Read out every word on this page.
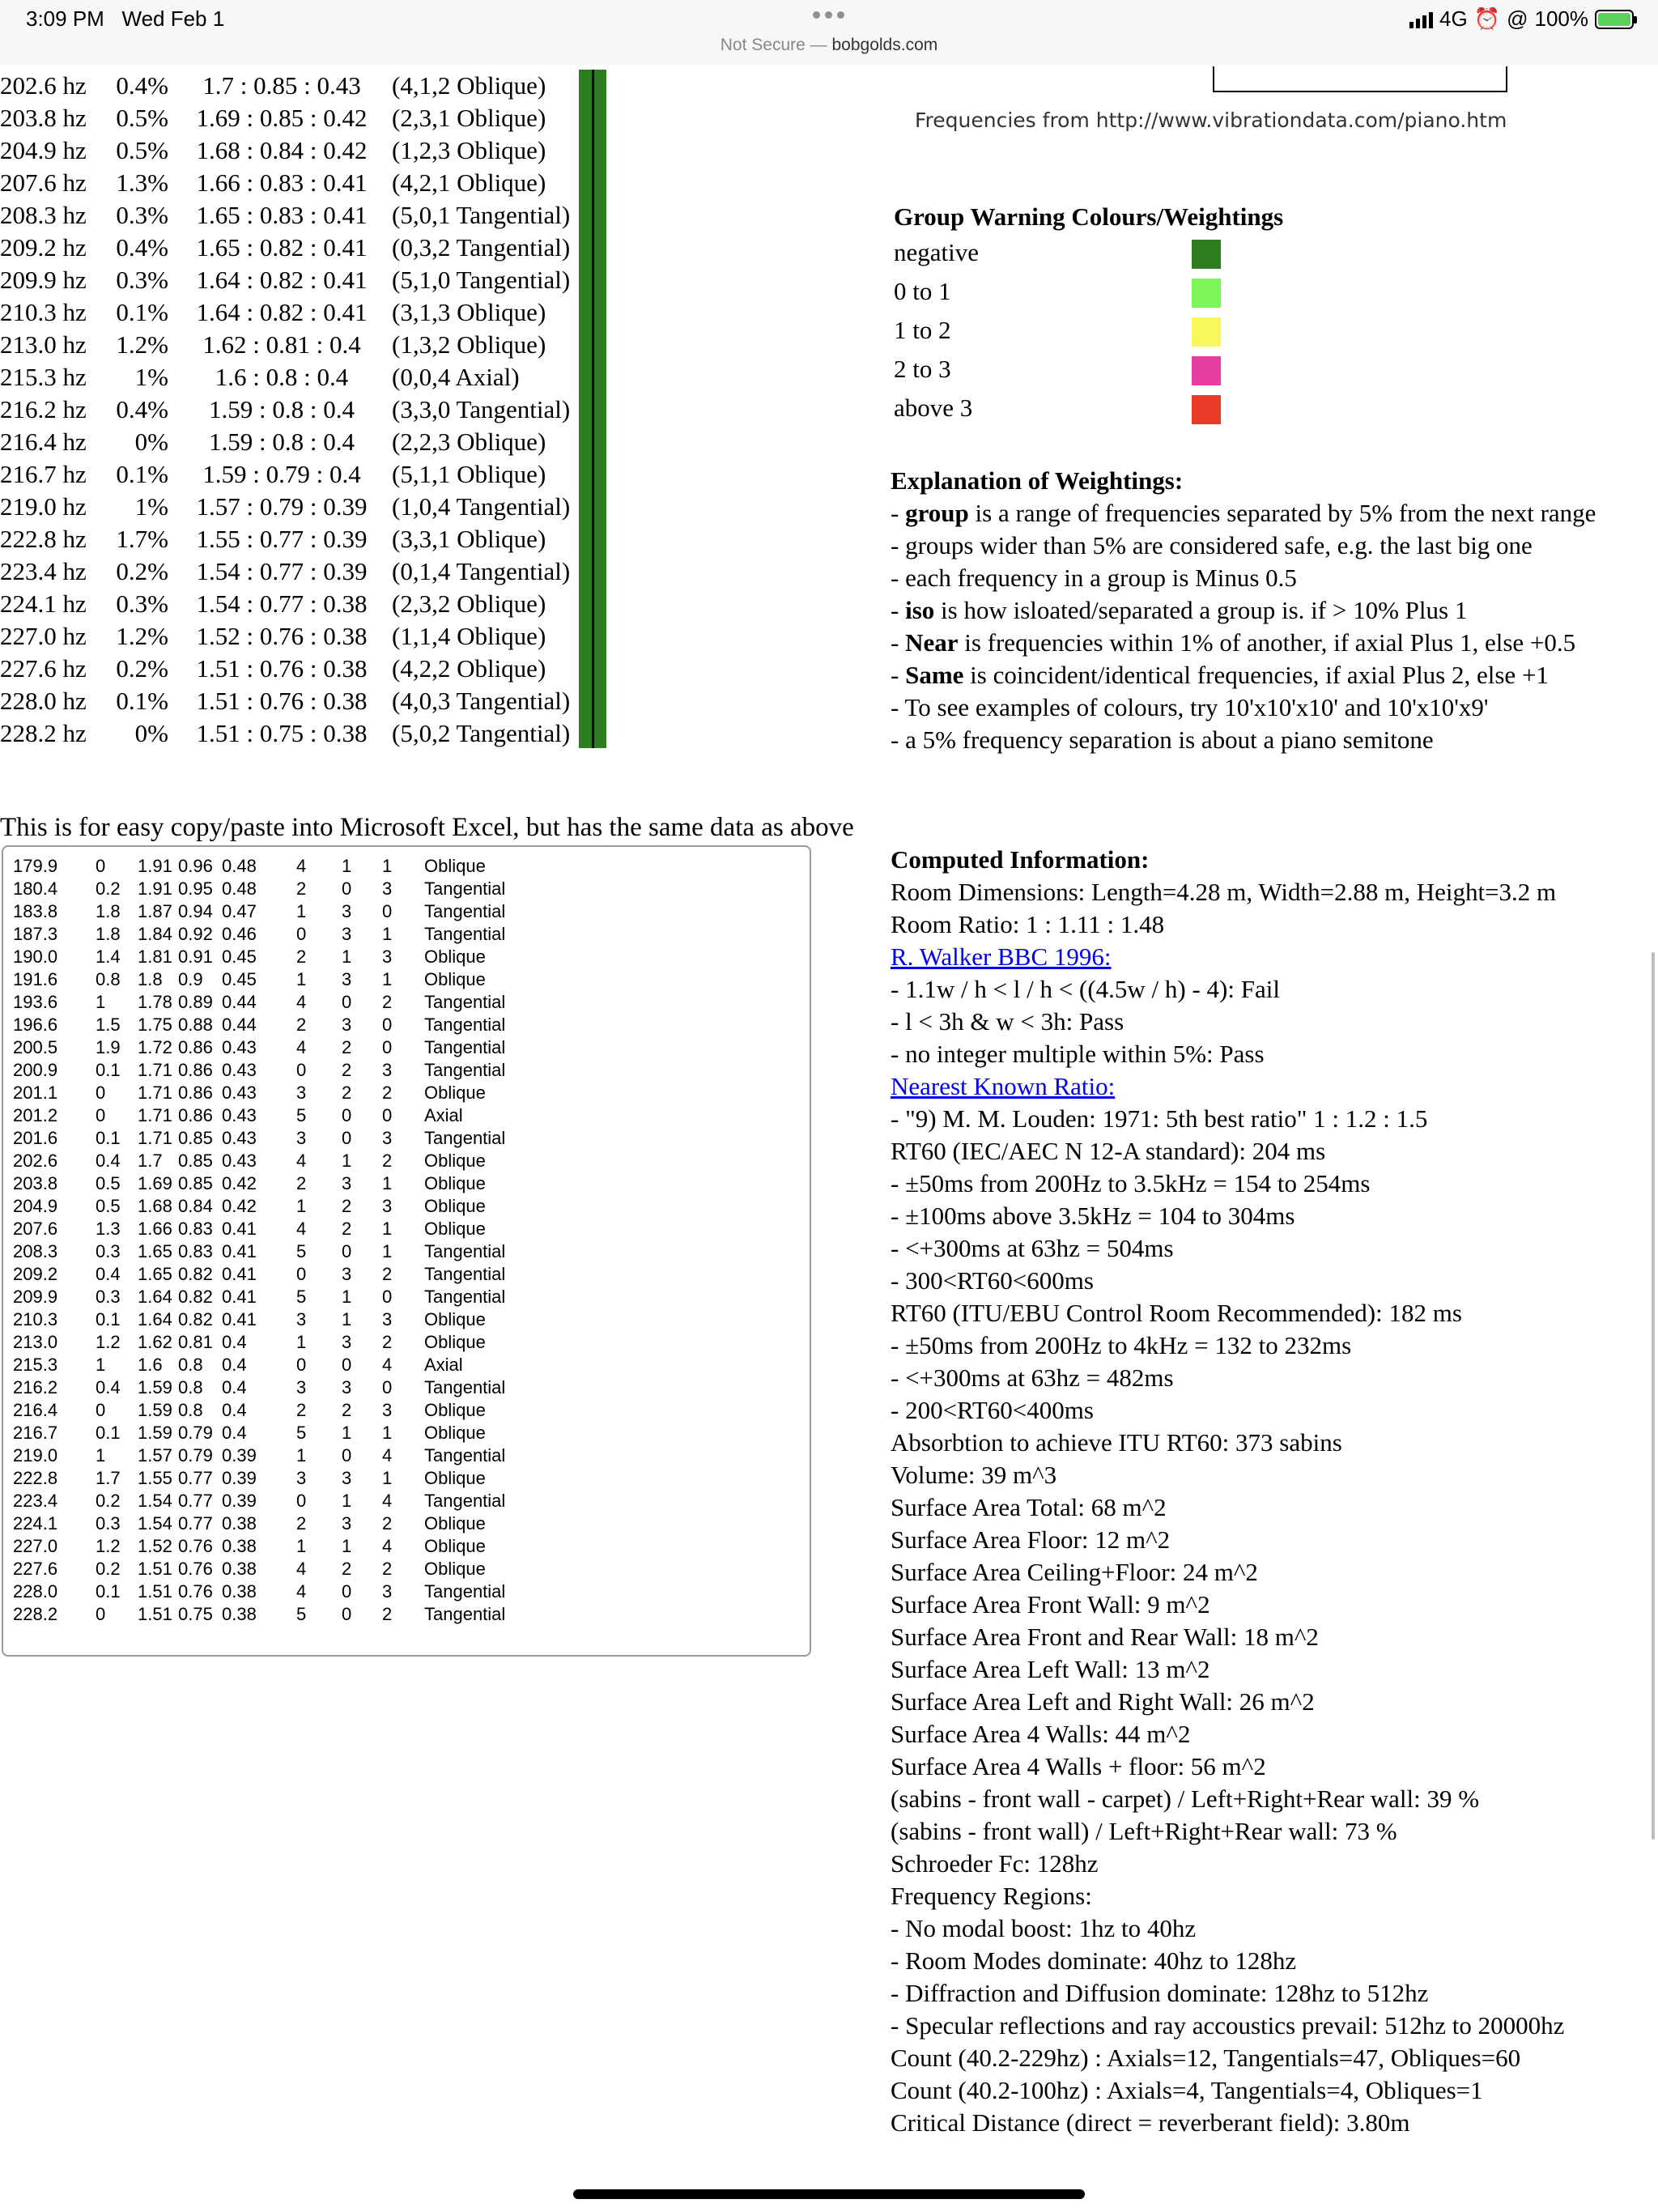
3:09 PM Wed Feb 1	4G ⏰ @ 100%
Not Secure — bobgolds.com
202.6 hz	0.4%	1.7 : 0.85 : 0.43	(4,1,2 Oblique)
203.8 hz	0.5% 1.69 : 0.85 : 0.42 (2,3,1 Oblique)
204.9 hz	0.5% 1.68 : 0.84 : 0.42 (1,2,3 Oblique)
207.6 hz	1.3% 1.66 : 0.83 : 0.41 (4,2,1 Oblique)
208.3 hz	0.3% 1.65 : 0.83 : 0.41 (5,0,1 Tangential)
209.2 hz	0.4% 1.65 : 0.82 : 0.41 (0,3,2 Tangential)
209.9 hz	0.3% 1.64 : 0.82 : 0.41 (5,1,0 Tangential)
210.3 hz	0.1% 1.64 : 0.82 : 0.41 (3,1,3 Oblique)
213.0 hz	1.2%	1.62 : 0.81 : 0.4	(1,3,2 Oblique)
215.3 hz	1%	1.6 : 0.8 : 0.4	(0,0,4 Axial)
216.2 hz	0.4%	1.59 : 0.8 : 0.4	(3,3,0 Tangential)
216.4 hz	0%	1.59 : 0.8 : 0.4	(2,2,3 Oblique)
216.7 hz	0.1%	1.59 : 0.79 : 0.4	(5,1,1 Oblique)
219.0 hz	1% 1.57 : 0.79 : 0.39 (1,0,4 Tangential)
222.8 hz	1.7% 1.55 : 0.77 : 0.39 (3,3,1 Oblique)
223.4 hz	0.2% 1.54 : 0.77 : 0.39 (0,1,4 Tangential)
224.1 hz	0.3% 1.54 : 0.77 : 0.38 (2,3,2 Oblique)
227.0 hz	1.2% 1.52 : 0.76 : 0.38 (1,1,4 Oblique)
227.6 hz	0.2% 1.51 : 0.76 : 0.38 (4,2,2 Oblique)
228.0 hz	0.1% 1.51 : 0.76 : 0.38 (4,0,3 Tangential)
228.2 hz	0% 1.51 : 0.75 : 0.38 (5,0,2 Tangential)
Frequencies from http://www.vibrationdata.com/piano.htm
Group Warning Colours/Weightings
negative
0 to 1
1 to 2
2 to 3
above 3
Explanation of Weightings:
- group is a range of frequencies separated by 5% from the next range
- groups wider than 5% are considered safe, e.g. the last big one
- each frequency in a group is Minus 0.5
- iso is how isloated/separated a group is. if > 10% Plus 1
- Near is frequencies within 1% of another, if axial Plus 1, else +0.5
- Same is coincident/identical frequencies, if axial Plus 2, else +1
- To see examples of colours, try 10'x10'x10' and 10'x10'x9'
- a 5% frequency separation is about a piano semitone
This is for easy copy/paste into Microsoft Excel, but has the same data as above
179.9 0 1.91 0.96 0.48 4 1 1 Oblique
180.4 0.2 1.91 0.95 0.48 2 0 3 Tangential
183.8 1.8 1.87 0.94 0.47 1 3 0 Tangential
187.3 1.8 1.84 0.92 0.46 0 3 1 Tangential
190.0 1.4 1.81 0.91 0.45 2 1 3 Oblique
191.6 0.8 1.8 0.9 0.45 1 3 1 Oblique
193.6 1 1.78 0.89 0.44 4 0 2 Tangential
196.6 1.5 1.75 0.88 0.44 2 3 0 Tangential
200.5 1.9 1.72 0.86 0.43 4 2 0 Tangential
200.9 0.1 1.71 0.86 0.43 0 2 3 Tangential
201.1 0 1.71 0.86 0.43 3 2 2 Oblique
201.2 0 1.71 0.86 0.43 5 0 0 Axial
201.6 0.1 1.71 0.85 0.43 3 0 3 Tangential
202.6 0.4 1.7 0.85 0.43 4 1 2 Oblique
203.8 0.5 1.69 0.85 0.42 2 3 1 Oblique
204.9 0.5 1.68 0.84 0.42 1 2 3 Oblique
207.6 1.3 1.66 0.83 0.41 4 2 1 Oblique
208.3 0.3 1.65 0.83 0.41 5 0 1 Tangential
209.2 0.4 1.65 0.82 0.41 0 3 2 Tangential
209.9 0.3 1.64 0.82 0.41 5 1 0 Tangential
210.3 0.1 1.64 0.82 0.41 3 1 3 Oblique
213.0 1.2 1.62 0.81 0.4	1 3 2 Oblique
215.3 1 1.6 0.8 0.4	0 0 4 Axial
216.2 0.4 1.59 0.8 0.4	3 3 0 Tangential
216.4 0 1.59 0.8 0.4	2 2 3 Oblique
216.7 0.1 1.59 0.79 0.4	5 1 1 Oblique
219.0 1 1.57 0.79 0.39 1 0 4 Tangential
222.8 1.7 1.55 0.77 0.39 3 3 1 Oblique
223.4 0.2 1.54 0.77 0.39 0 1 4 Tangential
224.1 0.3 1.54 0.77 0.38 2 3 2 Oblique
227.0 1.2 1.52 0.76 0.38 1 1 4 Oblique
227.6 0.2 1.51 0.76 0.38 4 2 2 Oblique
228.0 0.1 1.51 0.76 0.38 4 0 3 Tangential
228.2 0 1.51 0.75 0.38 5 0 2 Tangential
Computed Information:
Room Dimensions: Length=4.28 m, Width=2.88 m, Height=3.2 m
Room Ratio: 1 : 1.11 : 1.48
R. Walker BBC 1996:
- 1.1w / h < l / h < ((4.5w / h) - 4): Fail
- l < 3h & w < 3h: Pass
- no integer multiple within 5%: Pass
Nearest Known Ratio:
- "9) M. M. Louden: 1971: 5th best ratio" 1 : 1.2 : 1.5
RT60 (IEC/AEC N 12-A standard): 204 ms
- ±50ms from 200Hz to 3.5kHz = 154 to 254ms
- ±100ms above 3.5kHz = 104 to 304ms
- <+300ms at 63hz = 504ms
- 300<RT60<600ms
RT60 (ITU/EBU Control Room Recommended): 182 ms
- ±50ms from 200Hz to 4kHz = 132 to 232ms
- <+300ms at 63hz = 482ms
- 200<RT60<400ms
Absorbtion to achieve ITU RT60: 373 sabins
Volume: 39 m^3
Surface Area Total: 68 m^2
Surface Area Floor: 12 m^2
Surface Area Ceiling+Floor: 24 m^2
Surface Area Front Wall: 9 m^2
Surface Area Front and Rear Wall: 18 m^2
Surface Area Left Wall: 13 m^2
Surface Area Left and Right Wall: 26 m^2
Surface Area 4 Walls: 44 m^2
Surface Area 4 Walls + floor: 56 m^2
(sabins - front wall - carpet) / Left+Right+Rear wall: 39 %
(sabins - front wall) / Left+Right+Rear wall: 73 %
Schroeder Fc: 128hz
Frequency Regions:
- No modal boost: 1hz to 40hz
- Room Modes dominate: 40hz to 128hz
- Diffraction and Diffusion dominate: 128hz to 512hz
- Specular reflections and ray accoustics prevail: 512hz to 20000hz
Count (40.2-229hz) : Axials=12, Tangentials=47, Obliques=60
Count (40.2-100hz) : Axials=4, Tangentials=4, Obliques=1
Critical Distance (direct = reverberant field): 3.80m
